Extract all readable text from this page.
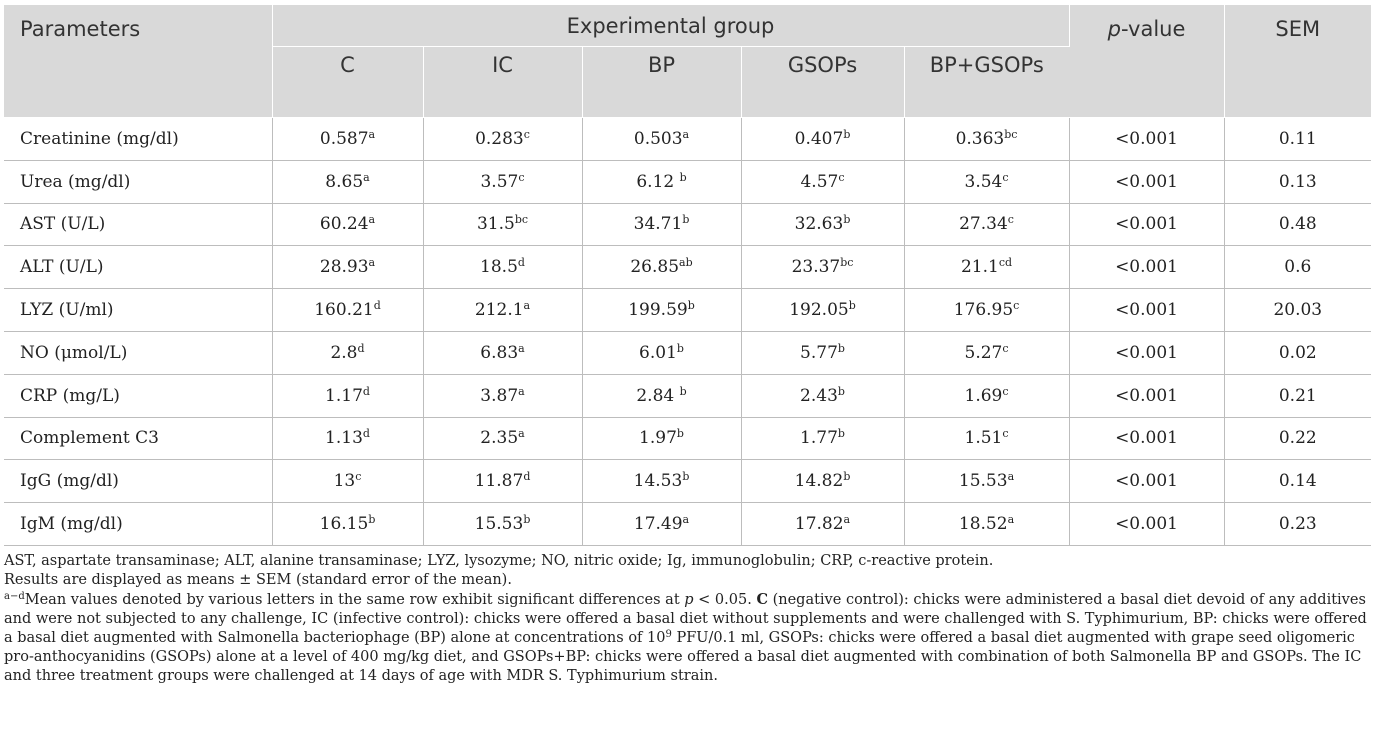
Parameters	Experimental group					p-value	SEM
	C	IC	BP	GSOPs	BP+GSOPs		
Creatinine (mg/dl)	0.587$^a$	0.283$^c$	0.503$^a$	0.407$^b$	0.363$^{bc}$	<0.001	0.11
Urea (mg/dl)	8.65$^a$	3.57$^c$	6.12 $^b$	4.57$^c$	3.54$^c$	<0.001	0.13
AST (U/L)	60.24$^a$	31.5$^{bc}$	34.71$^b$	32.63$^b$	27.34$^c$	<0.001	0.48
ALT (U/L)	28.93$^a$	18.5$^d$	26.85$^{ab}$	23.37$^{bc}$	21.1$^{cd}$	<0.001	0.6
LYZ (U/ml)	160.21$^d$	212.1$^a$	199.59$^b$	192.05$^b$	176.95$^c$	<0.001	20.03
NO (μmol/L)	2.8$^d$	6.83$^a$	6.01$^b$	5.77$^b$	5.27$^c$	<0.001	0.02
CRP (mg/L)	1.17$^d$	3.87$^a$	2.84 $^b$	2.43$^b$	1.69$^c$	<0.001	0.21
Complement C3	1.13$^d$	2.35$^a$	1.97$^b$	1.77$^b$	1.51$^c$	<0.001	0.22
IgG (mg/dl)	13$^c$	11.87$^d$	14.53$^b$	14.82$^b$	15.53$^a$	<0.001	0.14
IgM (mg/dl)	16.15$^b$	15.53$^b$	17.49$^a$	17.82$^a$	18.52$^a$	<0.001	0.23

AST, aspartate transaminase; ALT, alanine transaminase; LYZ, lysozyme; NO, nitric oxide; Ig, immunoglobulin; CRP, c-reactive protein.

Results are displayed as means ± SEM (standard error of the mean).

$^{a-d}$Mean values denoted by various letters in the same row exhibit significant differences at p < 0.05. C (negative control): chicks were administered a basal diet devoid of any additives and were not subjected to any challenge, IC (infective control): chicks were offered a basal diet without supplements and were challenged with S. Typhimurium, BP: chicks were offered a basal diet augmented with Salmonella bacteriophage (BP) alone at concentrations of $10^9$ PFU/0.1 ml, GSOPs: chicks were offered a basal diet augmented with grape seed oligomeric pro-anthocyanidins (GSOPs) alone at a level of 400 mg/kg diet, and GSOPs+BP: chicks were offered a basal diet augmented with combination of both Salmonella BP and GSOPs. The IC and three treatment groups were challenged at 14 days of age with MDR S. Typhimurium strain.
